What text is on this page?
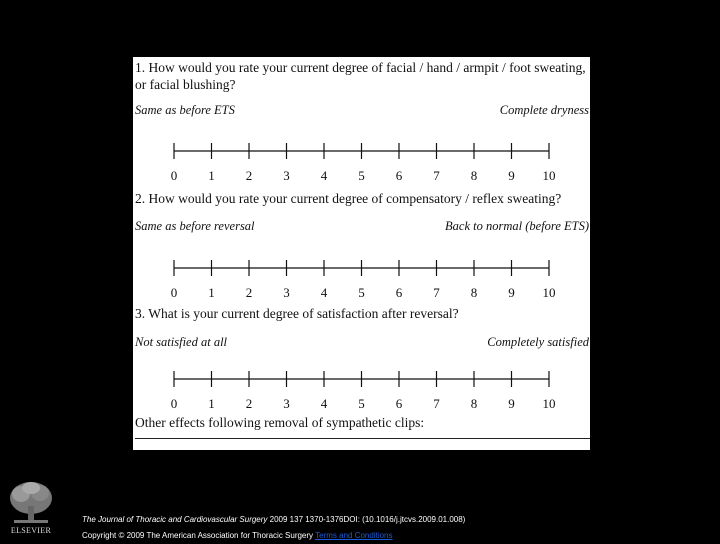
1. How would you rate your current degree of facial / hand / armpit / foot sweating, or facial blushing?

Same as before ETS	Complete dryness
0 1 2 3 4 5 6 7 8 9 10

2. How would you rate your current degree of compensatory / reflex sweating?

Same as before reversal	Back to normal (before ETS)
0 1 2 3 4 5 6 7 8 9 10

3. What is your current degree of satisfaction after reversal?

Not satisfied at all	Completely satisfied
0 1 2 3 4 5 6 7 8 9 10

Other effects following removal of sympathetic clips:

ELSEVIER
The Journal of Thoracic and Cardiovascular Surgery 2009 137 1370-1376DOI: (10.1016/j.jtcvs.2009.01.008)
Copyright © 2009 The American Association for Thoracic Surgery Terms and Conditions
